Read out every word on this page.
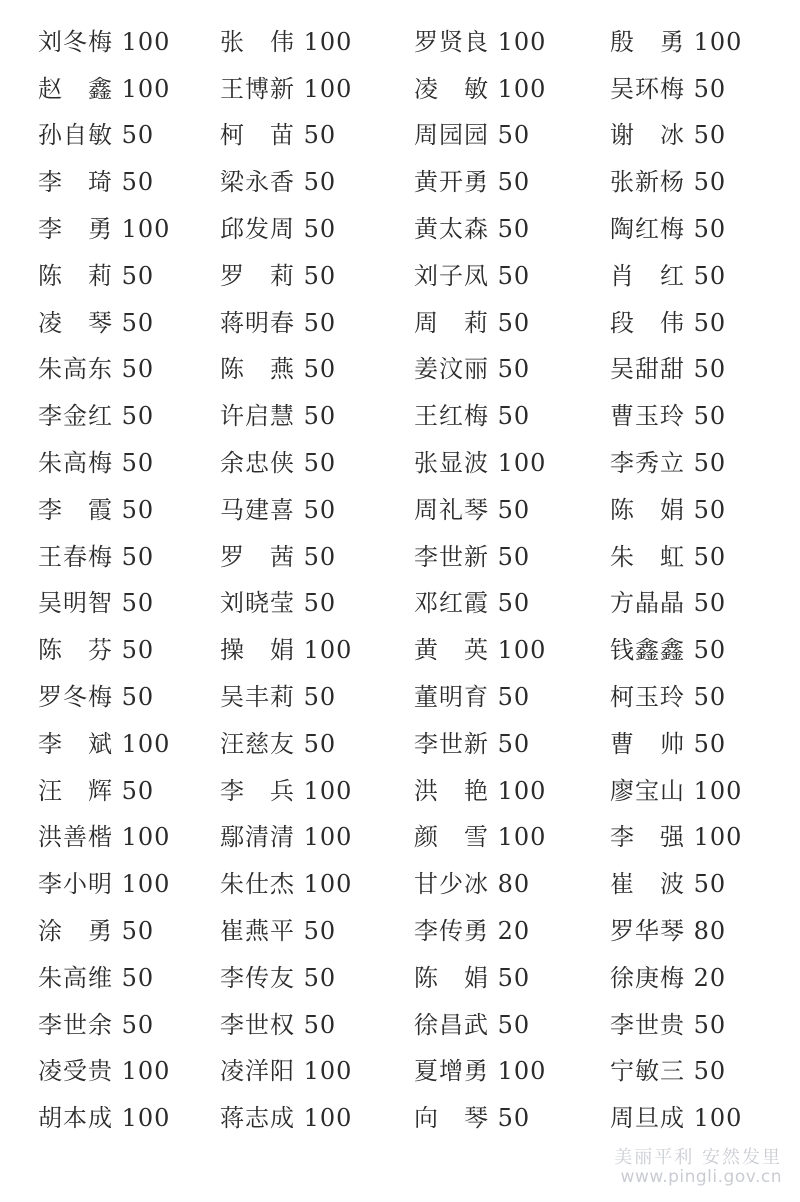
刘冬梅 100	张　伟 100	罗贤良 100	殷　勇 100
赵　鑫 100	王博新 100	凌　敏 100	吴环梅 50
孙自敏 50	柯　苗 50	周园园 50	谢　冰 50
李　琦 50	梁永香 50	黄开勇 50	张新杨 50
李　勇 100	邱发周 50	黄太森 50	陶红梅 50
陈　莉 50	罗　莉 50	刘子凤 50	肖　红 50
凌　琴 50	蒋明春 50	周　莉 50	段　伟 50
朱高东 50	陈　燕 50	姜汶丽 50	吴甜甜 50
李金红 50	许启慧 50	王红梅 50	曹玉玲 50
朱高梅 50	余忠侠 50	张显波 100	李秀立 50
李　霞 50	马建喜 50	周礼琴 50	陈　娟 50
王春梅 50	罗　茜 50	李世新 50	朱　虹 50
吴明智 50	刘晓莹 50	邓红霞 50	方晶晶 50
陈　芬 50	操　娟 100	黄　英 100	钱鑫鑫 50
罗冬梅 50	吴丰莉 50	董明育 50	柯玉玲 50
李　斌 100	汪慈友 50	李世新 50	曹　帅 50
汪　辉 50	李　兵 100	洪　艳 100	廖宝山 100
洪善楷 100	鄢清清 100	颜　雪 100	李　强 100
李小明 100	朱仕杰 100	甘少冰 80	崔　波 50
涂　勇 50	崔燕平 50	李传勇 20	罗华琴 80
朱高维 50	李传友 50	陈　娟 50	徐庚梅 20
李世余 50	李世权 50	徐昌武 50	李世贵 50
凌受贵 100	凌洋阳 100	夏增勇 100	宁敏三 50
胡本成 100	蒋志成 100	向　琴 50	周旦成 100
美丽平利 安然发里
www.pingli.gov.cn
